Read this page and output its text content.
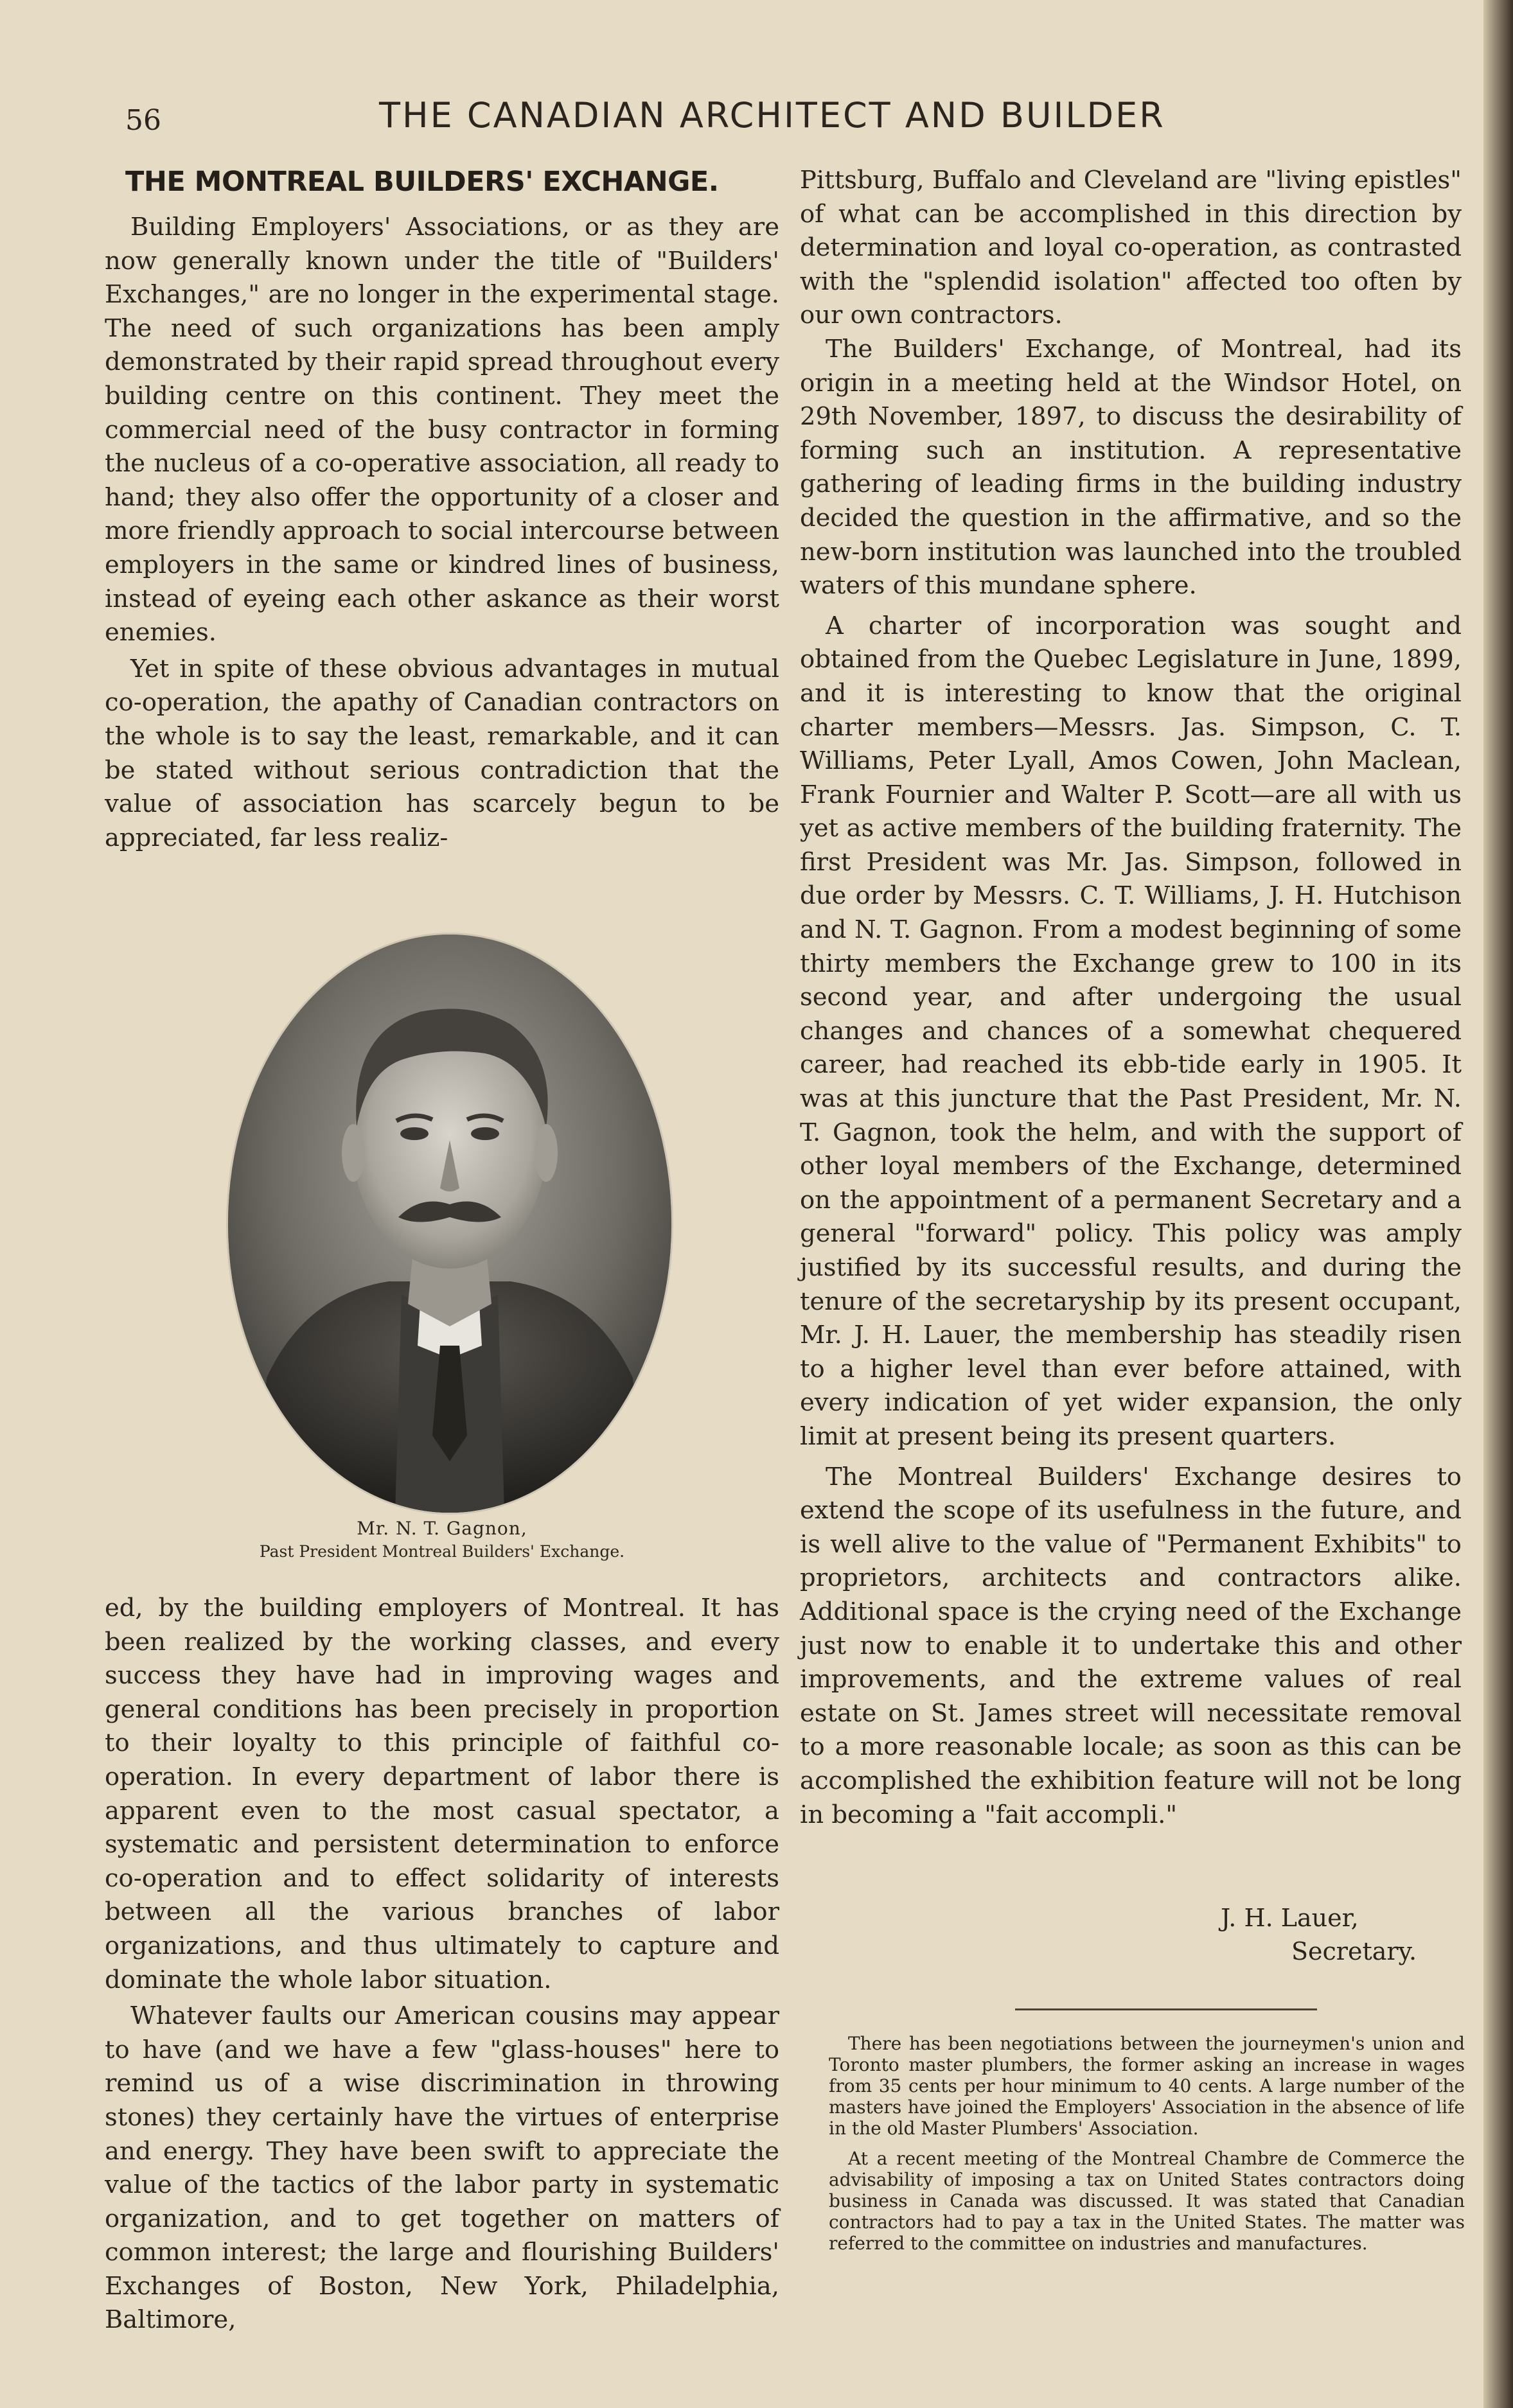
56	THE CANADIAN ARCHITECT AND BUILDER
THE MONTREAL BUILDERS' EXCHANGE.

Building Employers' Associations, or as they are now generally known under the title of "Builders' Exchanges," are no longer in the experimental stage. The need of such organizations has been amply demonstrated by their rapid spread throughout every building centre on this continent. They meet the commercial need of the busy contractor in forming the nucleus of a co-operative association, all ready to hand; they also offer the opportunity of a closer and more friendly approach to social intercourse between employers in the same or kindred lines of business, instead of eyeing each other askance as their worst enemies.

Yet in spite of these obvious advantages in mutual co-operation, the apathy of Canadian contractors on the whole is to say the least, remarkable, and it can be stated without serious contradiction that the value of association has scarcely begun to be appreciated, far less realiz-

Mr. N. T. Gagnon,
Past President Montreal Builders' Exchange.

ed, by the building employers of Montreal. It has been realized by the working classes, and every success they have had in improving wages and general conditions has been precisely in proportion to their loyalty to this principle of faithful co-operation. In every department of labor there is apparent even to the most casual spectator, a systematic and persistent determination to enforce co-operation and to effect solidarity of interests between all the various branches of labor organizations, and thus ultimately to capture and dominate the whole labor situation.

Whatever faults our American cousins may appear to have (and we have a few "glass-houses" here to remind us of a wise discrimination in throwing stones) they certainly have the virtues of enterprise and energy. They have been swift to appreciate the value of the tactics of the labor party in systematic organization, and to get together on matters of common interest; the large and flourishing Builders' Exchanges of Boston, New York, Philadelphia, Baltimore,

Pittsburg, Buffalo and Cleveland are "living epistles" of what can be accomplished in this direction by determination and loyal co-operation, as contrasted with the "splendid isolation" affected too often by our own contractors.

The Builders' Exchange, of Montreal, had its origin in a meeting held at the Windsor Hotel, on 29th November, 1897, to discuss the desirability of forming such an institution. A representative gathering of leading firms in the building industry decided the question in the affirmative, and so the new-born institution was launched into the troubled waters of this mundane sphere.

A charter of incorporation was sought and obtained from the Quebec Legislature in June, 1899, and it is interesting to know that the original charter members—Messrs. Jas. Simpson, C. T. Williams, Peter Lyall, Amos Cowen, John Maclean, Frank Fournier and Walter P. Scott—are all with us yet as active members of the building fraternity. The first President was Mr. Jas. Simpson, followed in due order by Messrs. C. T. Williams, J. H. Hutchison and N. T. Gagnon. From a modest beginning of some thirty members the Exchange grew to 100 in its second year, and after undergoing the usual changes and chances of a somewhat chequered career, had reached its ebb-tide early in 1905. It was at this juncture that the Past President, Mr. N. T. Gagnon, took the helm, and with the support of other loyal members of the Exchange, determined on the appointment of a permanent Secretary and a general "forward" policy. This policy was amply justified by its successful results, and during the tenure of the secretaryship by its present occupant, Mr. J. H. Lauer, the membership has steadily risen to a higher level than ever before attained, with every indication of yet wider expansion, the only limit at present being its present quarters.

The Montreal Builders' Exchange desires to extend the scope of its usefulness in the future, and is well alive to the value of "Permanent Exhibits" to proprietors, architects and contractors alike. Additional space is the crying need of the Exchange just now to enable it to undertake this and other improvements, and the extreme values of real estate on St. James street will necessitate removal to a more reasonable locale; as soon as this can be accomplished the exhibition feature will not be long in becoming a "fait accompli."

J. H. Lauer,
Secretary.

There has been negotiations between the journeymen's union and Toronto master plumbers, the former asking an increase in wages from 35 cents per hour minimum to 40 cents. A large number of the masters have joined the Employers' Association in the absence of life in the old Master Plumbers' Association.

At a recent meeting of the Montreal Chambre de Commerce the advisability of imposing a tax on United States contractors doing business in Canada was discussed. It was stated that Canadian contractors had to pay a tax in the United States. The matter was referred to the committee on industries and manufactures.
